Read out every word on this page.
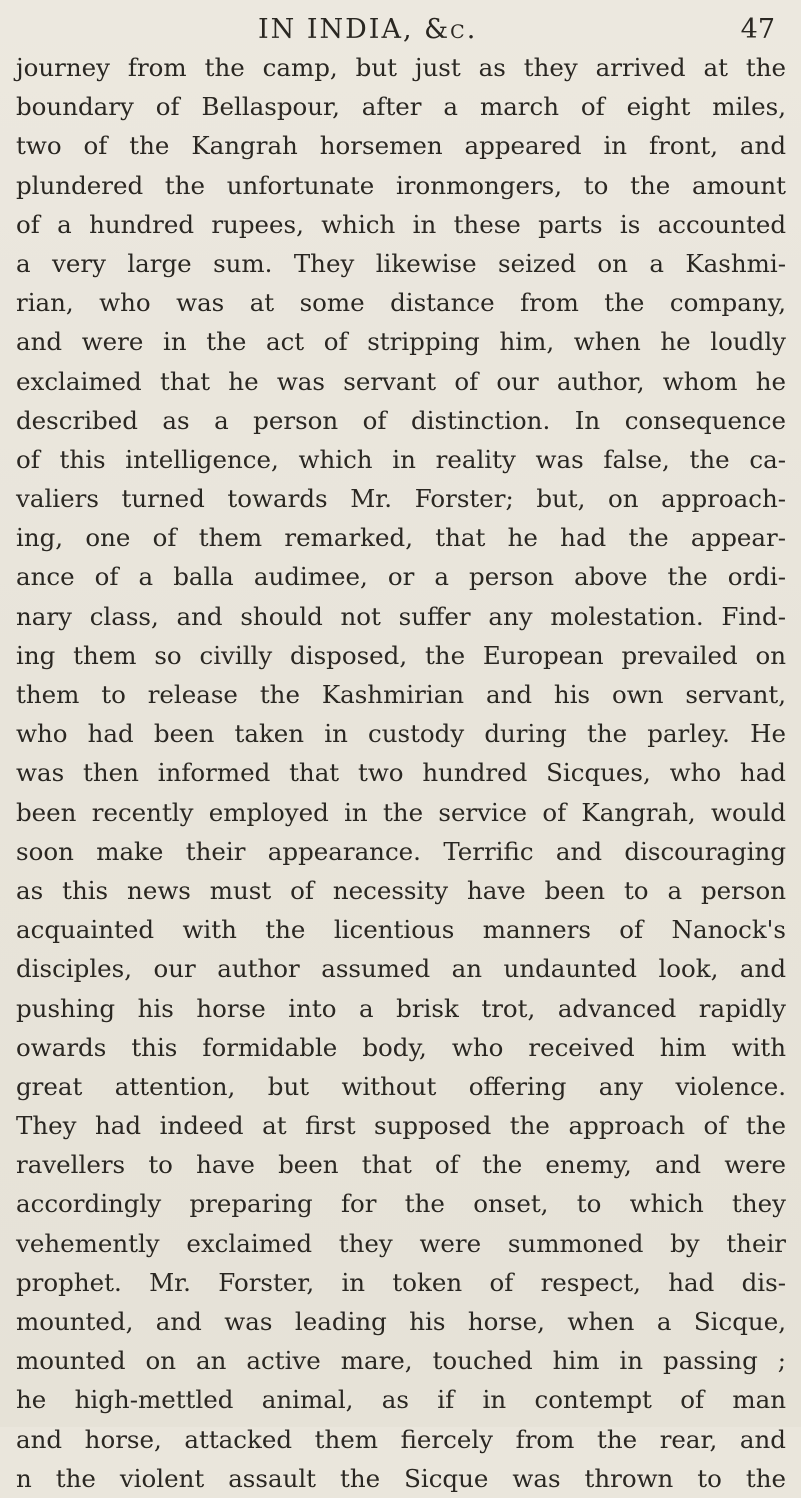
IN INDIA, &c.	47
journey from the camp, but just as they arrived at the
boundary of Bellaspour, after a march of eight miles,
two of the Kangrah horsemen appeared in front, and
plundered the unfortunate ironmongers, to the amount
of a hundred rupees, which in these parts is accounted
a very large sum. They likewise seized on a Kashmi-
rian, who was at some distance from the company,
and were in the act of stripping him, when he loudly
exclaimed that he was servant of our author, whom he
described as a person of distinction. In consequence
of this intelligence, which in reality was false, the ca-
valiers turned towards Mr. Forster; but, on approach-
ing, one of them remarked, that he had the appear-
ance of a balla audimee, or a person above the ordi-
nary class, and should not suffer any molestation. Find-
ing them so civilly disposed, the European prevailed on
them to release the Kashmirian and his own servant,
who had been taken in custody during the parley. He
was then informed that two hundred Sicques, who had
been recently employed in the service of Kangrah, would
soon make their appearance. Terrific and discouraging
as this news must of necessity have been to a person
acquainted with the licentious manners of Nanock's
disciples, our author assumed an undaunted look, and
pushing his horse into a brisk trot, advanced rapidly
owards this formidable body, who received him with
great attention, but without offering any violence.
They had indeed at first supposed the approach of the
ravellers to have been that of the enemy, and were
accordingly preparing for the onset, to which they
vehemently exclaimed they were summoned by their
prophet. Mr. Forster, in token of respect, had dis-
mounted, and was leading his horse, when a Sicque,
mounted on an active mare, touched him in passing ;
he high-mettled animal, as if in contempt of man
and horse, attacked them fiercely from the rear, and
n the violent assault the Sicque was thrown to the
